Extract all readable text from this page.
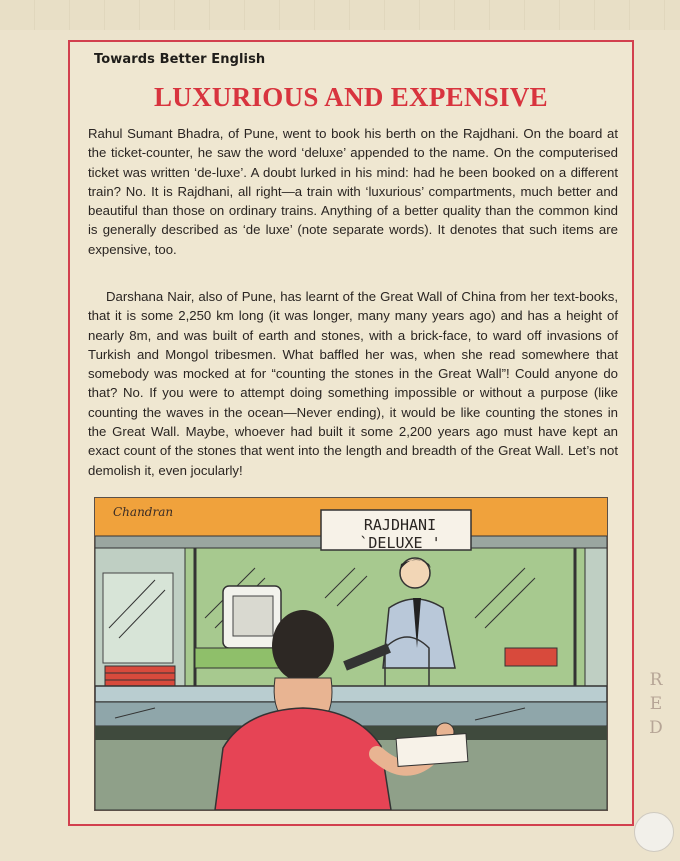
Towards Better English
LUXURIOUS AND EXPENSIVE

Rahul Sumant Bhadra, of Pune, went to book his berth on the Rajdhani. On the board at the ticket-counter, he saw the word ‘deluxe’ appended to the name. On the computerised ticket was written ‘de-luxe’. A doubt lurked in his mind: had he been booked on a different train? No. It is Rajdhani, all right—a train with ‘luxurious’ compartments, much better and beautiful than those on ordinary trains. Anything of a better quality than the common kind is generally described as ‘de luxe’ (note separate words). It denotes that such items are expensive, too.

Darshana Nair, also of Pune, has learnt of the Great Wall of China from her text-books, that it is some 2,250 km long (it was longer, many many years ago) and has a height of nearly 8m, and was built of earth and stones, with a brick-face, to ward off invasions of Turkish and Mongol tribesmen. What baffled her was, when she read somewhere that somebody was mocked at for “counting the stones in the Great Wall”! Could anyone do that? No. If you were to attempt doing something impossible or without a purpose (like counting the waves in the ocean—Never ending), it would be like counting the stones in the Great Wall. Maybe, whoever had built it some 2,200 years ago must have kept an exact count of the stones that went into the length and breadth of the Great Wall. Let’s not demolish it, even jocularly!

Chandran
RAJDHANI
`DELUXE '
R E D
